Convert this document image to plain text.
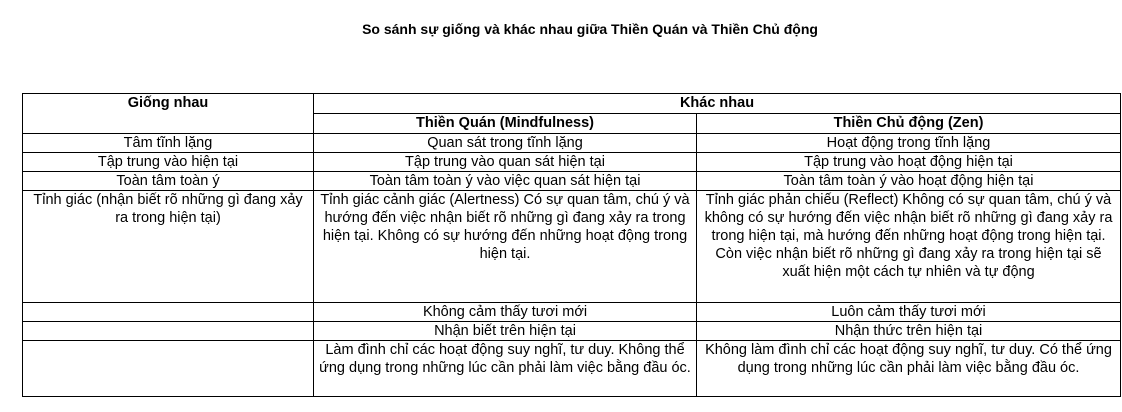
So sánh sự giống và khác nhau giữa Thiền Quán và Thiền Chủ động
Giống nhau	Khác nhau	
	Thiền Quán (Mindfulness)	Thiền Chủ động (Zen)
Tâm tĩnh lặng	Quan sát trong tĩnh lặng	Hoạt động trong tĩnh lặng
Tập trung vào hiện tại	Tập trung vào quan sát hiện tại	Tập trung vào hoạt động hiện tại
Toàn tâm toàn ý	Toàn tâm toàn ý vào việc quan sát hiện tại	Toàn tâm toàn ý vào hoạt động hiện tại
Tỉnh giác (nhận biết rõ những gì đang xảy ra trong hiện tại)	Tỉnh giác cảnh giác (Alertness) Có sự quan tâm, chú ý và hướng đến việc nhận biết rõ những gì đang xảy ra trong hiện tại. Không có sự hướng đến những hoạt động trong hiện tại.	Tỉnh giác phản chiếu (Reflect) Không có sự quan tâm, chú ý và không có sự hướng đến việc nhận biết rõ những gì đang xảy ra trong hiện tại, mà hướng đến những hoạt động trong hiện tại. Còn việc nhận biết rõ những gì đang xảy ra trong hiện tại sẽ xuất hiện một cách tự nhiên và tự động
	Không cảm thấy tươi mới	Luôn cảm thấy tươi mới
	Nhận biết trên hiện tại	Nhận thức trên hiện tại
	Làm đình chỉ các hoạt động suy nghĩ, tư duy. Không thể ứng dụng trong những lúc cần phải làm việc bằng đầu óc.	Không làm đình chỉ các hoạt động suy nghĩ, tư duy. Có thể ứng dụng trong những lúc cần phải làm việc bằng đầu óc.
